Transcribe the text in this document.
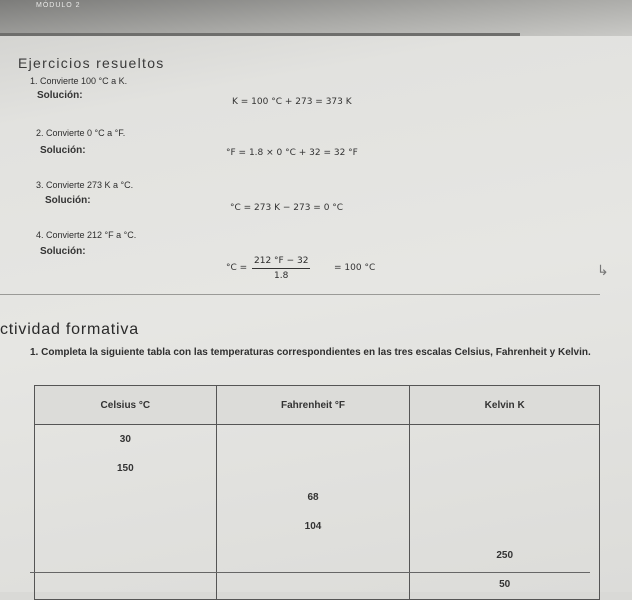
MÓDULO 2
Ejercicios resueltos
1. Convierte 100 °C a K.
Solución:
K = 100 °C + 273 = 373 K
2. Convierte 0 °C a °F.
Solución:	°F = 1.8 × 0 °C + 32 = 32 °F
3. Convierte 273 K a °C.
Solución:
°C = 273 K − 273 = 0 °C
4. Convierte 212 °F a °C.
Solución:
$^\circ C = \frac{212 ^\circ F - 32}{1.8}$	= 100 °C	↳
ctividad formativa
1. Completa la siguiente tabla con las temperaturas correspondientes en las tres escalas Celsius, Fahrenheit y Kelvin.
Celsius °C	Fahrenheit °F	Kelvin K
30		
150		
	68	
	104	
		250
		50
